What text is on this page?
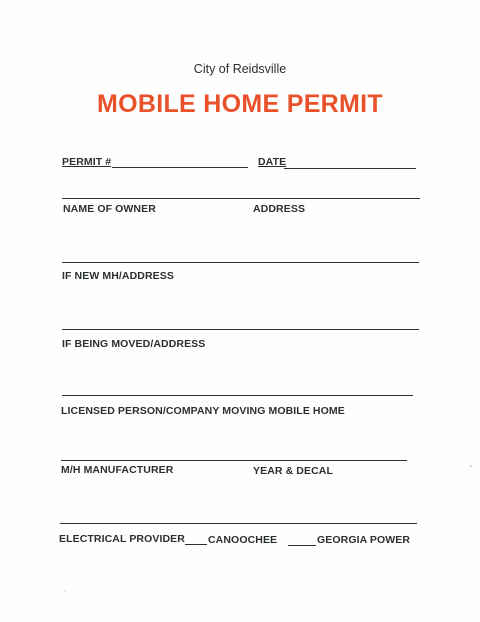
City of Reidsville
MOBILE HOME PERMIT
PERMIT #	DATE
NAME OF OWNER	ADDRESS
IF NEW MH/ADDRESS
IF BEING MOVED/ADDRESS
LICENSED PERSON/COMPANY MOVING MOBILE HOME
M/H MANUFACTURER	YEAR & DECAL
ELECTRICAL PROVIDER CANOOCHEE	GEORGIA POWER
